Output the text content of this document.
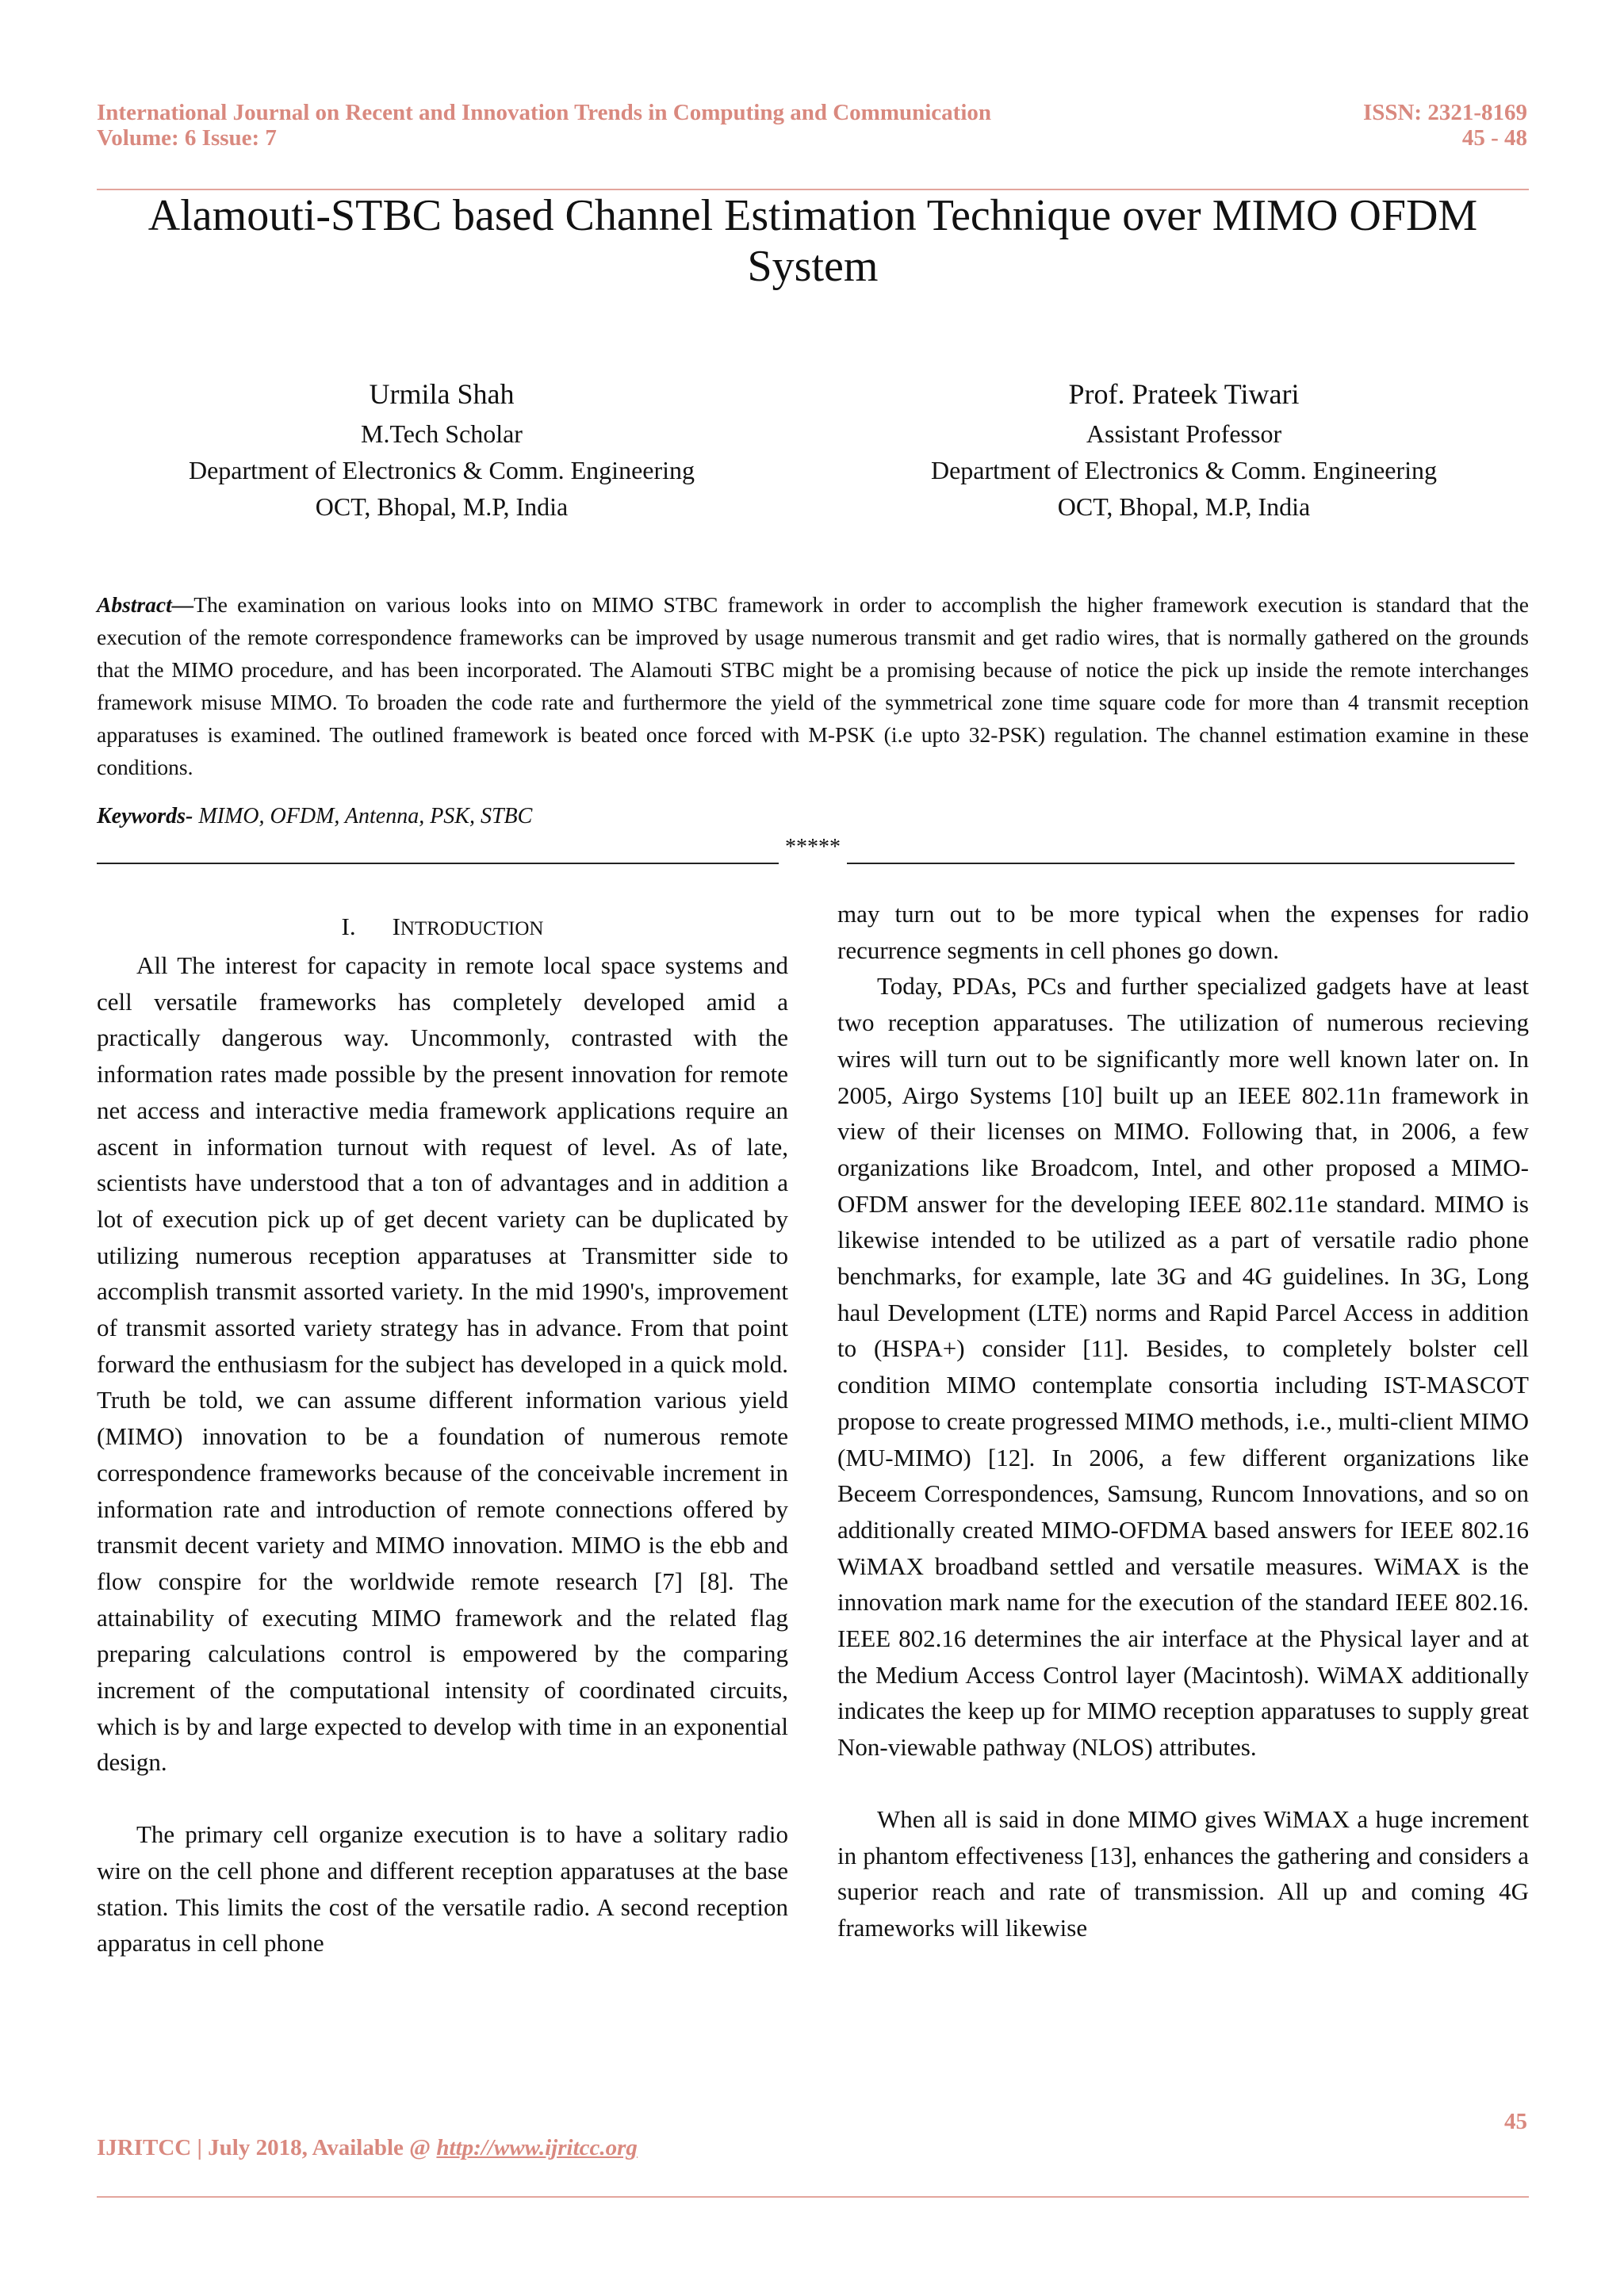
International Journal on Recent and Innovation Trends in Computing and Communication
Volume: 6 Issue: 7
ISSN: 2321-8169
45 - 48
Alamouti-STBC based Channel Estimation Technique over MIMO OFDM System
Urmila Shah
M.Tech Scholar
Department of Electronics & Comm. Engineering
OCT, Bhopal, M.P, India
Prof. Prateek Tiwari
Assistant Professor
Department of Electronics & Comm. Engineering
OCT, Bhopal, M.P, India
Abstract—The examination on various looks into on MIMO STBC framework in order to accomplish the higher framework execution is standard that the execution of the remote correspondence frameworks can be improved by usage numerous transmit and get radio wires, that is normally gathered on the grounds that the MIMO procedure, and has been incorporated. The Alamouti STBC might be a promising because of notice the pick up inside the remote interchanges framework misuse MIMO. To broaden the code rate and furthermore the yield of the symmetrical zone time square code for more than 4 transmit reception apparatuses is examined. The outlined framework is beated once forced with M-PSK (i.e upto 32-PSK) regulation. The channel estimation examine in these conditions.
Keywords- MIMO, OFDM, Antenna, PSK, STBC
*****
I. INTRODUCTION

All The interest for capacity in remote local space systems and cell versatile frameworks has completely developed amid a practically dangerous way. Uncommonly, contrasted with the information rates made possible by the present innovation for remote net access and interactive media framework applications require an ascent in information turnout with request of level. As of late, scientists have understood that a ton of advantages and in addition a lot of execution pick up of get decent variety can be duplicated by utilizing numerous reception apparatuses at Transmitter side to accomplish transmit assorted variety. In the mid 1990's, improvement of transmit assorted variety strategy has in advance. From that point forward the enthusiasm for the subject has developed in a quick mold. Truth be told, we can assume different information various yield (MIMO) innovation to be a foundation of numerous remote correspondence frameworks because of the conceivable increment in information rate and introduction of remote connections offered by transmit decent variety and MIMO innovation. MIMO is the ebb and flow conspire for the worldwide remote research [7] [8]. The attainability of executing MIMO framework and the related flag preparing calculations control is empowered by the comparing increment of the computational intensity of coordinated circuits, which is by and large expected to develop with time in an exponential design.

The primary cell organize execution is to have a solitary radio wire on the cell phone and different reception apparatuses at the base station. This limits the cost of the versatile radio. A second reception apparatus in cell phone

may turn out to be more typical when the expenses for radio recurrence segments in cell phones go down.

Today, PDAs, PCs and further specialized gadgets have at least two reception apparatuses. The utilization of numerous recieving wires will turn out to be significantly more well known later on. In 2005, Airgo Systems [10] built up an IEEE 802.11n framework in view of their licenses on MIMO. Following that, in 2006, a few organizations like Broadcom, Intel, and other proposed a MIMO-OFDM answer for the developing IEEE 802.11e standard. MIMO is likewise intended to be utilized as a part of versatile radio phone benchmarks, for example, late 3G and 4G guidelines. In 3G, Long haul Development (LTE) norms and Rapid Parcel Access in addition to (HSPA+) consider [11]. Besides, to completely bolster cell condition MIMO contemplate consortia including IST-MASCOT propose to create progressed MIMO methods, i.e., multi-client MIMO (MU-MIMO) [12]. In 2006, a few different organizations like Beceem Correspondences, Samsung, Runcom Innovations, and so on additionally created MIMO-OFDMA based answers for IEEE 802.16 WiMAX broadband settled and versatile measures. WiMAX is the innovation mark name for the execution of the standard IEEE 802.16. IEEE 802.16 determines the air interface at the Physical layer and at the Medium Access Control layer (Macintosh). WiMAX additionally indicates the keep up for MIMO reception apparatuses to supply great Non-viewable pathway (NLOS) attributes.

When all is said in done MIMO gives WiMAX a huge increment in phantom effectiveness [13], enhances the gathering and considers a superior reach and rate of transmission. All up and coming 4G frameworks will likewise

45
IJRITCC | July 2018, Available @ http://www.ijritcc.org
